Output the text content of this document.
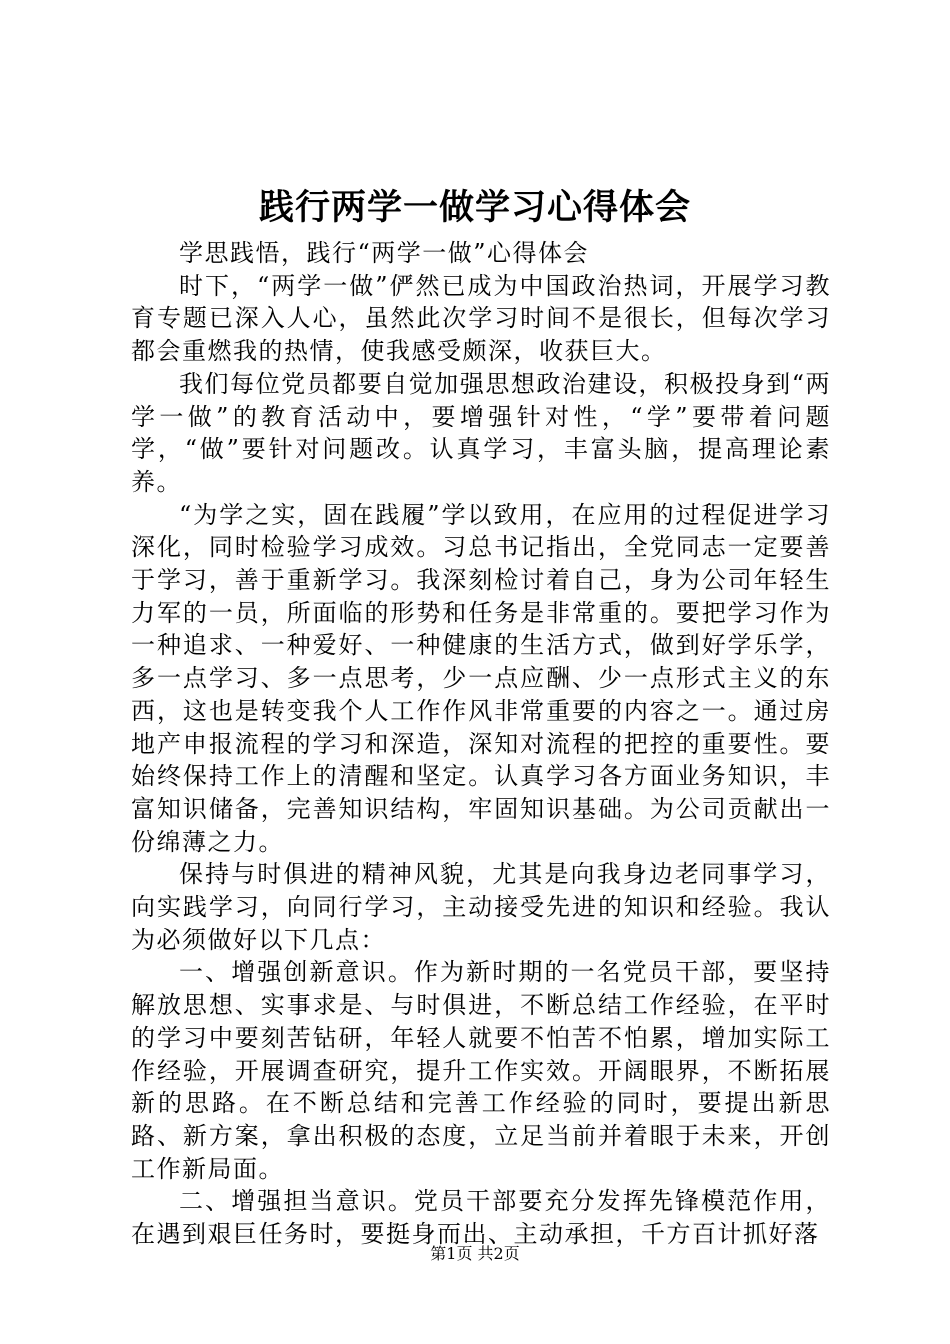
践行两学一做学习心得体会

学思践悟，践行“两学一做”心得体会

时下，“两学一做”俨然已成为中国政治热词，开展学习教育专题已深入人心，虽然此次学习时间不是很长，但每次学习都会重燃我的热情，使我感受颇深，收获巨大。

我们每位党员都要自觉加强思想政治建设，积极投身到“两学一做”的教育活动中，要增强针对性，“学”要带着问题学，“做”要针对问题改。认真学习，丰富头脑，提高理论素养。

“为学之实，固在践履”学以致用，在应用的过程促进学习深化，同时检验学习成效。习总书记指出，全党同志一定要善于学习，善于重新学习。我深刻检讨着自己，身为公司年轻生力军的一员，所面临的形势和任务是非常重的。要把学习作为一种追求、一种爱好、一种健康的生活方式，做到好学乐学，多一点学习、多一点思考，少一点应酬、少一点形式主义的东西，这也是转变我个人工作作风非常重要的内容之一。通过房地产申报流程的学习和深造，深知对流程的把控的重要性。要始终保持工作上的清醒和坚定。认真学习各方面业务知识，丰富知识储备，完善知识结构，牢固知识基础。为公司贡献出一份绵薄之力。

保持与时俱进的精神风貌，尤其是向我身边老同事学习，向实践学习，向同行学习，主动接受先进的知识和经验。我认为必须做好以下几点：

一、增强创新意识。作为新时期的一名党员干部，要坚持解放思想、实事求是、与时俱进，不断总结工作经验，在平时的学习中要刻苦钻研，年轻人就要不怕苦不怕累，增加实际工作经验，开展调查研究，提升工作实效。开阔眼界，不断拓展新的思路。在不断总结和完善工作经验的同时，要提出新思路、新方案，拿出积极的态度，立足当前并着眼于未来，开创工作新局面。

二、增强担当意识。党员干部要充分发挥先锋模范作用，在遇到艰巨任务时，要挺身而出、主动承担，千方百计抓好落

第1页 共2页
